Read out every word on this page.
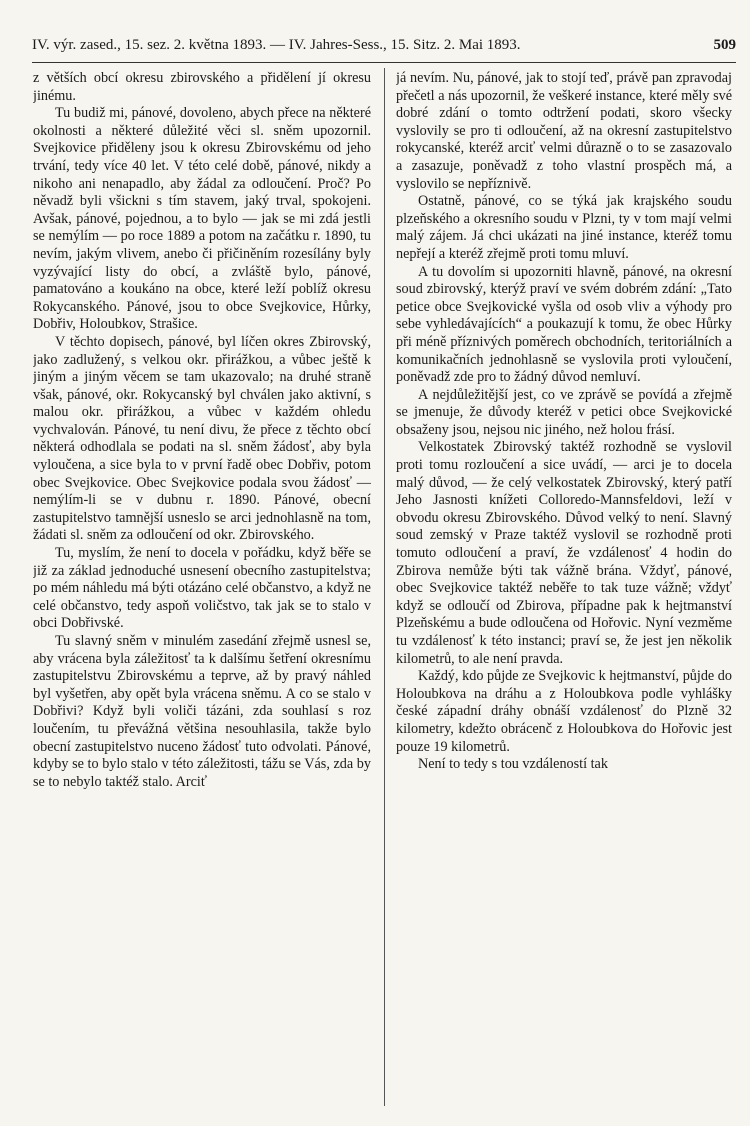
IV. výr. zased., 15. sez. 2. května 1893. — IV. Jahres-Sess., 15. Sitz. 2. Mai 1893.	509

z větších obcí okresu zbirovského a přidělení jí okresu jinému.

Tu budiž mi, pánové, dovoleno, abych přece na některé okolnosti a některé důležité věci sl. sněm upozornil. Svejkovice přiděleny jsou k okresu Zbirovskému od jeho trvání, tedy více 40 let. V této celé době, pánové, nikdy a nikoho ani nenapadlo, aby žádal za odloučení. Proč? Po něvadž byli všickni s tím stavem, jaký trval, spokojeni. Avšak, pánové, pojednou, a to bylo — jak se mi zdá jestli se nemýlím — po roce 1889 a potom na začátku r. 1890, tu nevím, jakým vlivem, anebo či přičiněním rozesílány byly vyzývající listy do obcí, a zvláště bylo, pánové, pamatováno a koukáno na obce, které leží poblíž okresu Rokycanského. Pánové, jsou to obce Svejkovice, Hůrky, Dobřiv, Holoubkov, Strašice.

V těchto dopisech, pánové, byl líčen okres Zbirovský, jako zadlužený, s velkou okr. přirážkou, a vůbec ještě k jiným a jiným věcem se tam ukazovalo; na druhé straně však, pánové, okr. Rokycanský byl chválen jako aktivní, s malou okr. přirážkou, a vůbec v každém ohledu vychvalován. Pánové, tu není divu, že přece z těchto obcí některá odhodlala se podati na sl. sněm žádosť, aby byla vyloučena, a sice byla to v první řadě obec Dobřiv, potom obec Svejkovice. Obec Svejkovice podala svou žádosť — nemýlím-li se v dubnu r. 1890. Pánové, obecní zastupitelstvo tamnější usneslo se arci jednohlasně na tom, žádati sl. sněm za odloučení od okr. Zbirovského.

Tu, myslím, že není to docela v pořádku, když běře se již za základ jednoduché usnesení obecního zastupitelstva; po mém náhledu má býti otázáno celé občanstvo, a když ne celé občanstvo, tedy aspoň voličstvo, tak jak se to stalo v obci Dobřivské.

Tu slavný sněm v minulém zasedání zřejmě usnesl se, aby vrácena byla záležitosť ta k dalšímu šetření okresnímu zastupitelstvu Zbirovskému a teprve, až by pravý náhled byl vyšetřen, aby opět byla vrácena sněmu. A co se stalo v Dobřivi? Když byli voliči tázáni, zda souhlasí s roz loučením, tu převážná většina nesouhlasila, takže bylo obecní zastupitelstvo nuceno žádosť tuto odvolati. Pánové, kdyby se to bylo stalo v této záležitosti, tážu se Vás, zda by se to nebylo taktéž stalo. Arciť

já nevím. Nu, pánové, jak to stojí teď, právě pan zpravodaj přečetl a nás upozornil, že veškeré instance, které měly své dobré zdání o tomto odtržení podati, skoro všecky vyslovily se pro ti odloučení, až na okresní zastupitelstvo rokycanské, kteréž arciť velmi důrazně o to se zasazovalo a zasazuje, poněvadž z toho vlastní prospěch má, a vyslovilo se nepříznivě.

Ostatně, pánové, co se týká jak krajského soudu plzeňského a okresního soudu v Plzni, ty v tom mají velmi malý zájem. Já chci ukázati na jiné instance, kteréž tomu nepřejí a kteréž zřejmě proti tomu mluví.

A tu dovolím si upozorniti hlavně, pánové, na okresní soud zbirovský, kterýž praví ve svém dobrém zdání: „Tato petice obce Svejkovické vyšla od osob vliv a výhody pro sebe vyhledávajících“ a poukazují k tomu, že obec Hůrky při méně příznivých poměrech obchodních, teritoriálních a komunikačních jednohlasně se vyslovila proti vyloučení, poněvadž zde pro to žádný důvod nemluví.

A nejdůležitější jest, co ve zprávě se povídá a zřejmě se jmenuje, že důvody kteréž v petici obce Svejkovické obsaženy jsou, nejsou nic jiného, než holou frásí.

Velkostatek Zbirovský taktéž rozhodně se vyslovil proti tomu rozloučení a sice uvádí, — arci je to docela malý důvod, — že celý velkostatek Zbirovský, který patří Jeho Jasnosti knížeti Colloredo-Mannsfeldovi, leží v obvodu okresu Zbirovského. Důvod velký to není. Slavný soud zemský v Praze taktéž vyslovil se rozhodně proti tomuto odloučení a praví, že vzdálenosť 4 hodin do Zbirova nemůže býti tak vážně brána. Vždyť, pánové, obec Svejkovice taktéž neběře to tak tuze vážně; vždyť když se odloučí od Zbirova, případne pak k hejtmanství Plzeňskému a bude odloučena od Hořovic. Nyní vezměme tu vzdálenosť k této instanci; praví se, že jest jen několik kilometrů, to ale není pravda.

Každý, kdo půjde ze Svejkovic k hejtmanství, půjde do Holoubkova na dráhu a z Holoubkova podle vyhlášky české západní dráhy obnáší vzdálenosť do Plzně 32 kilometry, kdežto obrácenč z Holoubkova do Hořovic jest pouze 19 kilometrů.

Není to tedy s tou vzdáleností tak
